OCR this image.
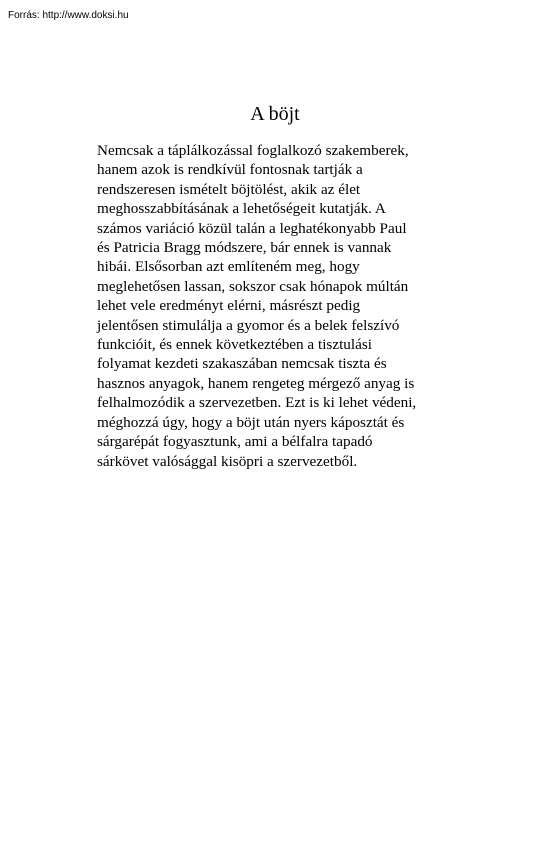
Forrás: http://www.doksi.hu
A böjt
Nemcsak a táplálkozással foglalkozó szakemberek,
hanem azok is rendkívül fontosnak tartják a
rendszeresen ismételt böjtölést, akik az élet
meghosszabbításának a lehetőségeit kutatják. A
számos variáció közül talán a leghatékonyabb Paul
és Patricia Bragg módszere, bár ennek is vannak
hibái. Elsősorban azt említeném meg, hogy
meglehetősen lassan, sokszor csak hónapok múltán
lehet vele eredményt elérni, másrészt pedig
jelentősen stimulálja a gyomor és a belek felszívó
funkcióit, és ennek következtében a tisztulási
folyamat kezdeti szakaszában nemcsak tiszta és
hasznos anyagok, hanem rengeteg mérgező anyag is
felhalmozódik a szervezetben. Ezt is ki lehet védeni,
méghozzá úgy, hogy a böjt után nyers káposztát és
sárgarépát fogyasztunk, ami a bélfalra tapadó
sárkövet valósággal kisöpri a szervezetből.
